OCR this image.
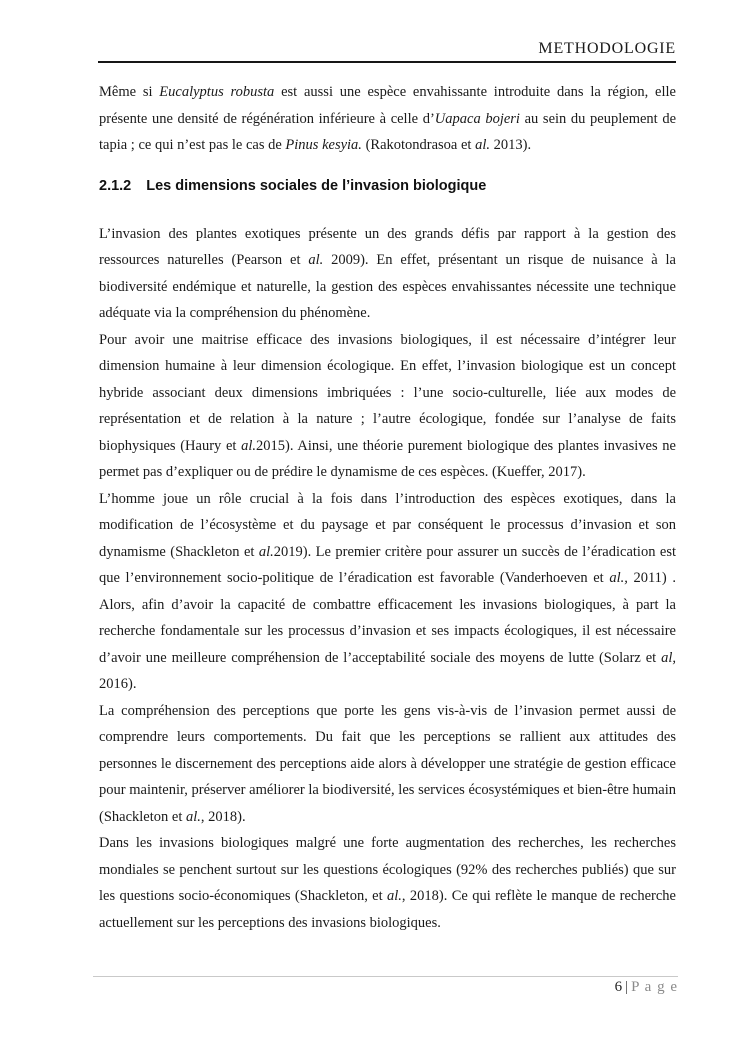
METHODOLOGIE

Même si Eucalyptus robusta est aussi une espèce envahissante introduite dans la région, elle présente une densité de régénération inférieure à celle d’Uapaca bojeri au sein du peuplement de tapia ; ce qui n’est pas le cas de Pinus kesyia. (Rakotondrasoa et al. 2013).

2.1.2 Les dimensions sociales de l’invasion biologique

L’invasion des plantes exotiques présente un des grands défis par rapport à la gestion des ressources naturelles (Pearson et al. 2009). En effet, présentant un risque de nuisance à la biodiversité endémique et naturelle, la gestion des espèces envahissantes nécessite une technique adéquate via la compréhension du phénomène.

Pour avoir une maitrise efficace des invasions biologiques, il est nécessaire d’intégrer leur dimension humaine à leur dimension écologique. En effet, l’invasion biologique est un concept hybride associant deux dimensions imbriquées : l’une socio-culturelle, liée aux modes de représentation et de relation à la nature ; l’autre écologique, fondée sur l’analyse de faits biophysiques (Haury et al.2015). Ainsi, une théorie purement biologique des plantes invasives ne permet pas d’expliquer ou de prédire le dynamisme de ces espèces. (Kueffer, 2017).

L’homme joue un rôle crucial à la fois dans l’introduction des espèces exotiques, dans la modification de l’écosystème et du paysage et par conséquent le processus d’invasion et son dynamisme (Shackleton et al.2019). Le premier critère pour assurer un succès de l’éradication est que l’environnement socio-politique de l’éradication est favorable (Vanderhoeven et al., 2011) . Alors, afin d’avoir la capacité de combattre efficacement les invasions biologiques, à part la recherche fondamentale sur les processus d’invasion et ses impacts écologiques, il est nécessaire d’avoir une meilleure compréhension de l’acceptabilité sociale des moyens de lutte (Solarz et al, 2016).

La compréhension des perceptions que porte les gens vis-à-vis de l’invasion permet aussi de comprendre leurs comportements. Du fait que les perceptions se rallient aux attitudes des personnes le discernement des perceptions aide alors à développer une stratégie de gestion efficace pour maintenir, préserver améliorer la biodiversité, les services écosystémiques et bien-être humain (Shackleton et al., 2018).

Dans les invasions biologiques malgré une forte augmentation des recherches, les recherches mondiales se penchent surtout sur les questions écologiques (92% des recherches publiés) que sur les questions socio-économiques (Shackleton, et al., 2018). Ce qui reflète le manque de recherche actuellement sur les perceptions des invasions biologiques.

6 | P a g e
